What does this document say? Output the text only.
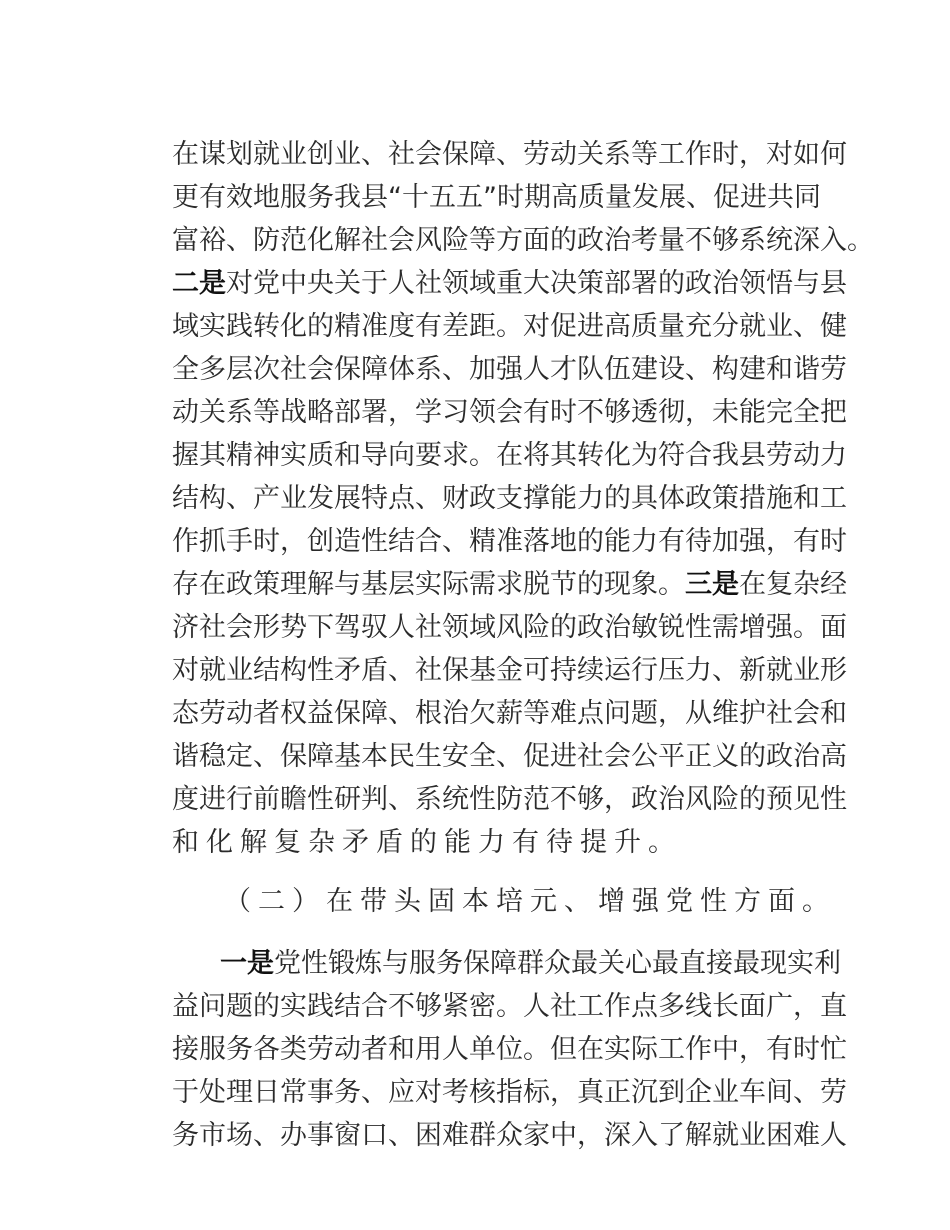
在谋划就业创业、社会保障、劳动关系等工作时，对如何
更有效地服务我县“十五五”时期高质量发展、促进共同
富裕、防范化解社会风险等方面的政治考量不够系统深入。
二是对党中央关于人社领域重大决策部署的政治领悟与县
域实践转化的精准度有差距。对促进高质量充分就业、健
全多层次社会保障体系、加强人才队伍建设、构建和谐劳
动关系等战略部署，学习领会有时不够透彻，未能完全把
握其精神实质和导向要求。在将其转化为符合我县劳动力
结构、产业发展特点、财政支撑能力的具体政策措施和工
作抓手时，创造性结合、精准落地的能力有待加强，有时
存在政策理解与基层实际需求脱节的现象。三是在复杂经
济社会形势下驾驭人社领域风险的政治敏锐性需增强。面
对就业结构性矛盾、社保基金可持续运行压力、新就业形
态劳动者权益保障、根治欠薪等难点问题，从维护社会和
谐稳定、保障基本民生安全、促进社会公平正义的政治高
度进行前瞻性研判、系统性防范不够，政治风险的预见性
和化解复杂矛盾的能力有待提升。
（二）在带头固本培元、增强党性方面。
一是党性锻炼与服务保障群众最关心最直接最现实利
益问题的实践结合不够紧密。人社工作点多线长面广，直
接服务各类劳动者和用人单位。但在实际工作中，有时忙
于处理日常事务、应对考核指标，真正沉到企业车间、劳
务市场、办事窗口、困难群众家中，深入了解就业困难人
